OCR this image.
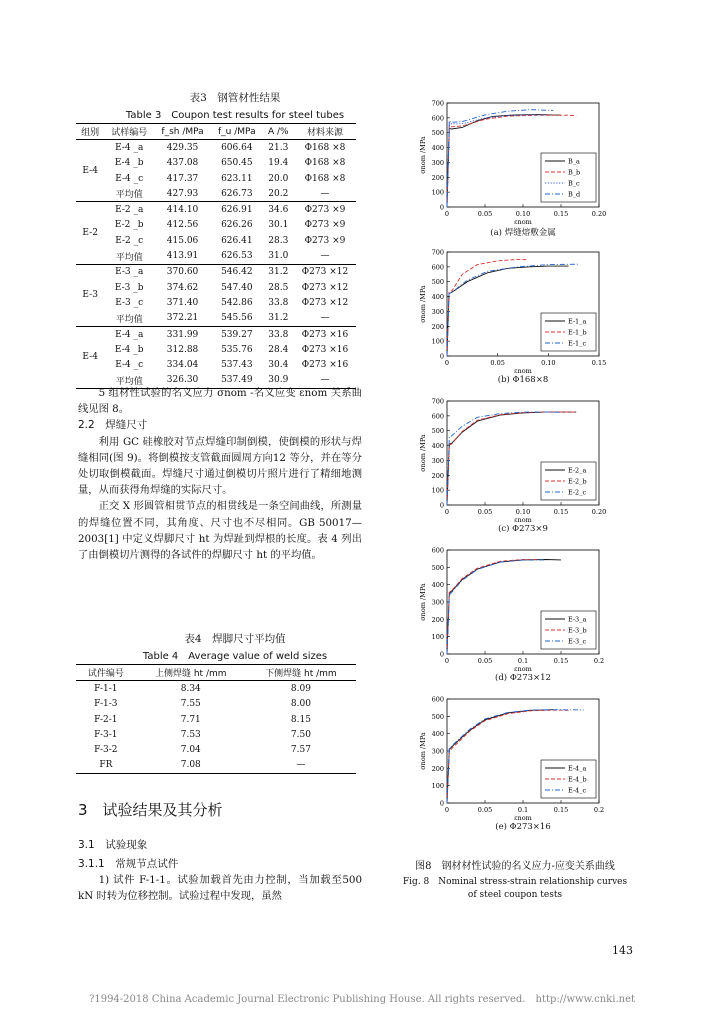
表3　钢管材性结果
Table 3　Coupon test results for steel tubes
组别	试样编号	f_sh /MPa	f_u /MPa	A /%	材料来源
E-4	E-4 _a	429.35	606.64	21.3	Φ168 ×8
	E-4 _b	437.08	650.45	19.4	Φ168 ×8
	E-4 _c	417.37	623.11	20.0	Φ168 ×8
	平均值	427.93	626.73	20.2	—
E-2	E-2 _a	414.10	626.91	34.6	Φ273 ×9
	E-2 _b	412.56	626.26	30.1	Φ273 ×9
	E-2 _c	415.06	626.41	28.3	Φ273 ×9
	平均值	413.91	626.53	31.0	—
E-3	E-3 _a	370.60	546.42	31.2	Φ273 ×12
	E-3 _b	374.62	547.40	28.5	Φ273 ×12
	E-3 _c	371.40	542.86	33.8	Φ273 ×12
	平均值	372.21	545.56	31.2	—
E-4	E-4 _a	331.99	539.27	33.8	Φ273 ×16
	E-4 _b	312.88	535.76	28.4	Φ273 ×16
	E-4 _c	334.04	537.43	30.4	Φ273 ×16
	平均值	326.30	537.49	30.9	—

5 组材性试验的名义应力 σnom -名义应变 εnom 关系曲线见图 8。

2.2　焊缝尺寸

利用 GC 硅橡胶对节点焊缝印制倒模，使倒模的形状与焊缝相同(图 9)。将倒模按支管截面圆周方向12 等分，并在等分处切取倒模截面。焊缝尺寸通过倒模切片照片进行了精细地测量，从而获得角焊缝的实际尺寸。

正交 X 形圆管相贯节点的相贯线是一条空间曲线，所测量的焊缝位置不同，其角度、尺寸也不尽相同。GB 50017—2003[1] 中定义焊脚尺寸 ht 为焊趾到焊根的长度。表 4 列出了由倒模切片测得的各试件的焊脚尺寸 ht 的平均值。

表4　焊脚尺寸平均值
Table 4　Average value of weld sizes
试件编号	上侧焊缝 ht /mm	下侧焊缝 ht /mm
F-1-1	8.34	8.09
F-1-3	7.55	8.00
F-2-1	7.71	8.15
F-3-1	7.53	7.50
F-3-2	7.04	7.57
FR	7.08	—
3　试验结果及其分析
3.1　试验现象
3.1.1　常规节点试件
1) 试件 F-1-1。试验加载首先由力控制，当加载至500 kN 时转为位移控制。试验过程中发现，虽然
0
100
200
300
400
500
600
700
0	0.05	0.10	0.15	0.20
σnom /MPa
εnom
B_a
B_b
B_c
B_d
(a) 焊缝熔敷金属
0
100
200
300
400
500
600
700
0	0.05	0.10	0.15
σnom /MPa
εnom
E-1_a
E-1_b
E-1_c
(b) Φ168×8
0
100
200
300
400
500
600
700
0	0.05	0.10	0.15	0.20
σnom /MPa
εnom
E-2_a
E-2_b
E-2_c
(c) Φ273×9
0
100
200
300
400
500
600
0	0.05	0.1	0.15	0.2
σnom /MPa
εnom
E-3_a
E-3_b
E-3_c
(d) Φ273×12
0
100
200
300
400
500
600
0	0.05	0.1	0.15	0.2
σnom /MPa
εnom
E-4_a
E-4_b
E-4_c
(e) Φ273×16
图8　钢材材性试验的名义应力-应变关系曲线
Fig. 8　Nominal stress-strain relationship curves
of steel coupon tests
143
?1994-2018 China Academic Journal Electronic Publishing House. All rights reserved.　http://www.cnki.net
